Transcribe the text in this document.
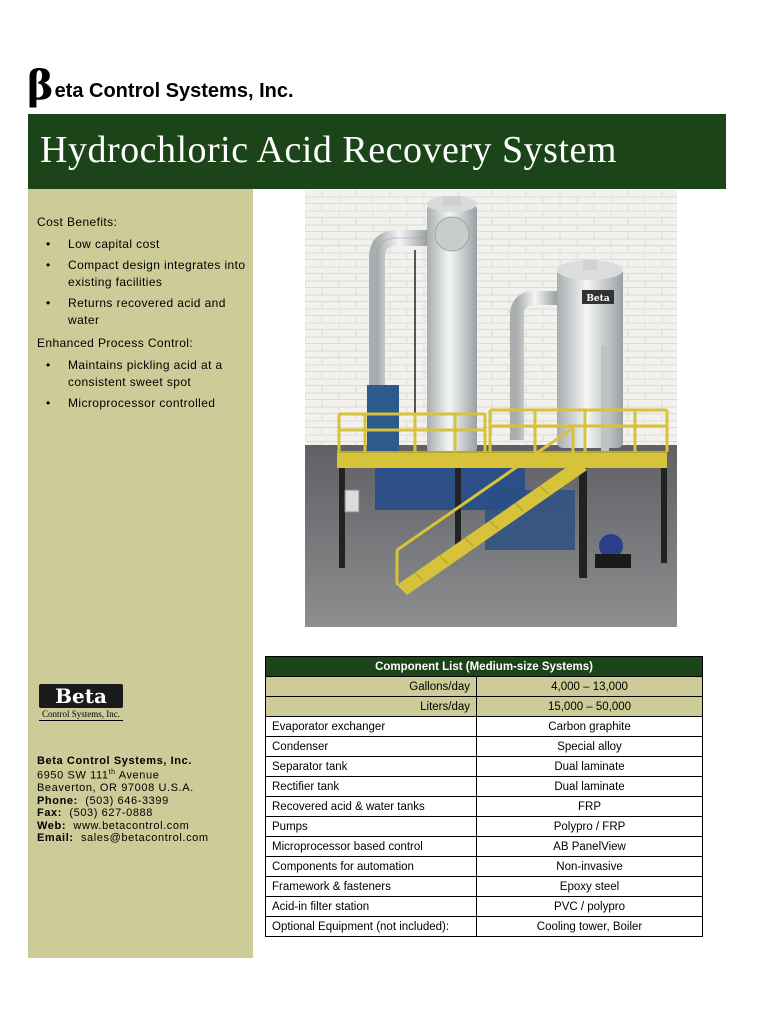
β eta Control Systems, Inc.
Hydrochloric Acid Recovery System
Cost Benefits:
• Low capital cost
• Compact design integrates into existing facilities
• Returns recovered acid and water
Enhanced Process Control:
• Maintains pickling acid at a consistent sweet spot
• Microprocessor controlled
Beta
Control Systems, Inc.
Beta Control Systems, Inc.
6950 SW 111th Avenue
Beaverton, OR 97008 U.S.A.
Phone: (503) 646-3399
Fax: (503) 627-0888
Web: www.betacontrol.com
Email: sales@betacontrol.com
Beta
Component List (Medium-size Systems)	
Gallons/day	4,000 – 13,000
Liters/day	15,000 – 50,000
Evaporator exchanger	Carbon graphite
Condenser	Special alloy
Separator tank	Dual laminate
Rectifier tank	Dual laminate
Recovered acid & water tanks	FRP
Pumps	Polypro / FRP
Microprocessor based control	AB PanelView
Components for automation	Non-invasive
Framework & fasteners	Epoxy steel
Acid-in filter station	PVC / polypro
Optional Equipment (not included):	Cooling tower, Boiler
